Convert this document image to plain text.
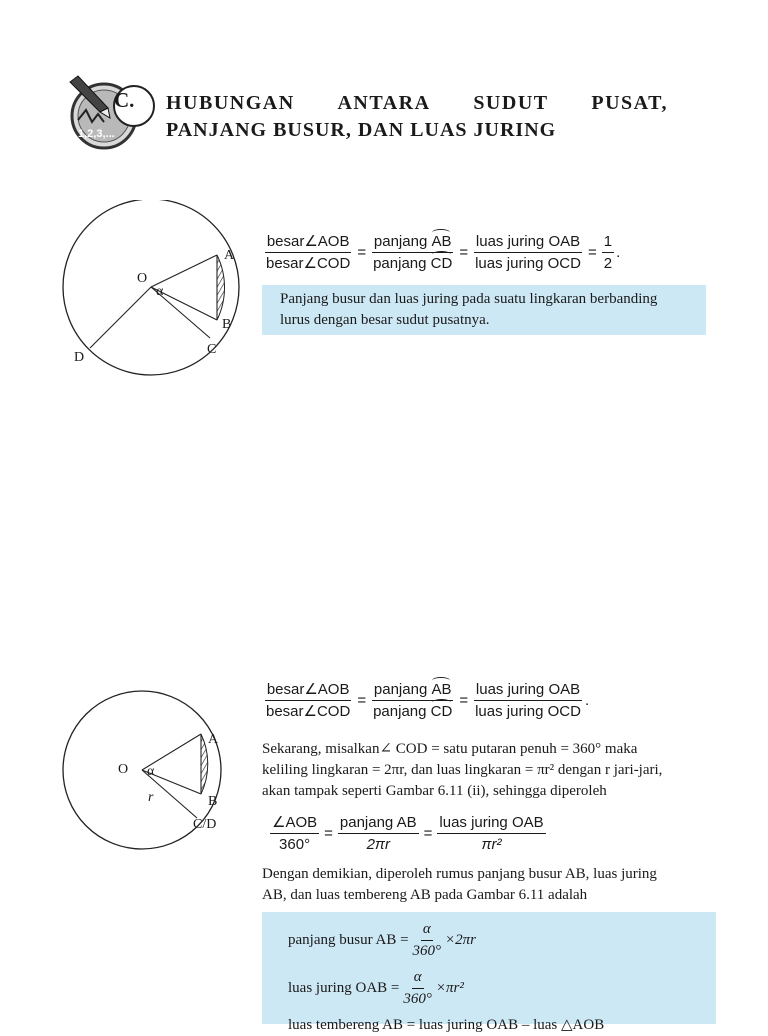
1,2,3,...
C. HUBUNGAN ANTARA SUDUT PUSAT,
PANJANG BUSUR, DAN LUAS JURING
O
α
A
B
C
D
$\frac{\text{besar∠AOB}}{\text{besar∠COD}} = \frac{\text{panjang AB}}{\text{panjang CD}} = \frac{\text{luas juring OAB}}{\text{luas juring OCD}} = \frac{1}{2}$ .
Panjang busur dan luas juring pada suatu lingkaran berbanding
lurus dengan besar sudut pusatnya.
O α
r
A
B
C/D
$\frac{\text{besar∠AOB}}{\text{besar∠COD}} = \frac{\text{panjang AB}}{\text{panjang CD}} = \frac{\text{luas juring OAB}}{\text{luas juring OCD}}$ .
Sekarang, misalkan∠ COD = satu putaran penuh = 360° maka
keliling lingkaran = 2πr, dan luas lingkaran = πr² dengan r jari-jari,
akan tampak seperti Gambar 6.11 (ii), sehingga diperoleh
$\frac{\text{∠AOB}}{360^\circ} = \frac{\text{panjang AB}}{2\pi r} = \frac{\text{luas juring OAB}}{\text{πr²}}$
Dengan demikian, diperoleh rumus panjang busur AB, luas juring
AB, dan luas tembereng AB pada Gambar 6.11 adalah
panjang busur AB = $\frac{\alpha}{360^\circ} \times 2\pi r$
luas juring OAB = $\frac{\alpha}{360^\circ} \times\pi r^2$
luas tembereng AB = luas juring OAB – luas △AOB
